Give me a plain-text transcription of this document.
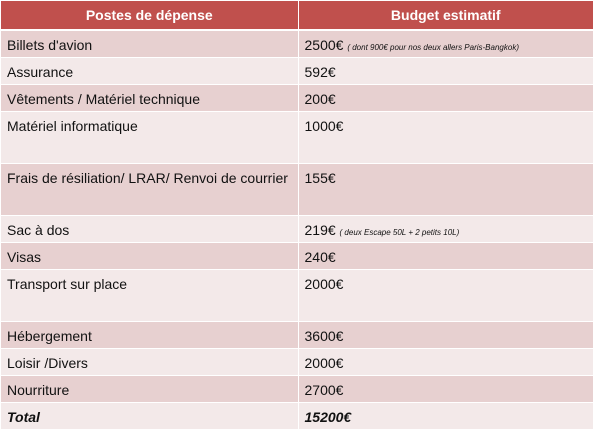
Postes de dépense	Budget estimatif
Billets d'avion	2500€ ( dont 900€ pour nos deux allers Paris-Bangkok)
Assurance	592€
Vêtements / Matériel technique	200€
Matériel informatique	1000€
Frais de résiliation/ LRAR/ Renvoi de courrier	155€
Sac à dos	219€ ( deux Escape 50L + 2 petits 10L)
Visas	240€
Transport sur place	2000€
Hébergement	3600€
Loisir /Divers	2000€
Nourriture	2700€
Total	15200€
